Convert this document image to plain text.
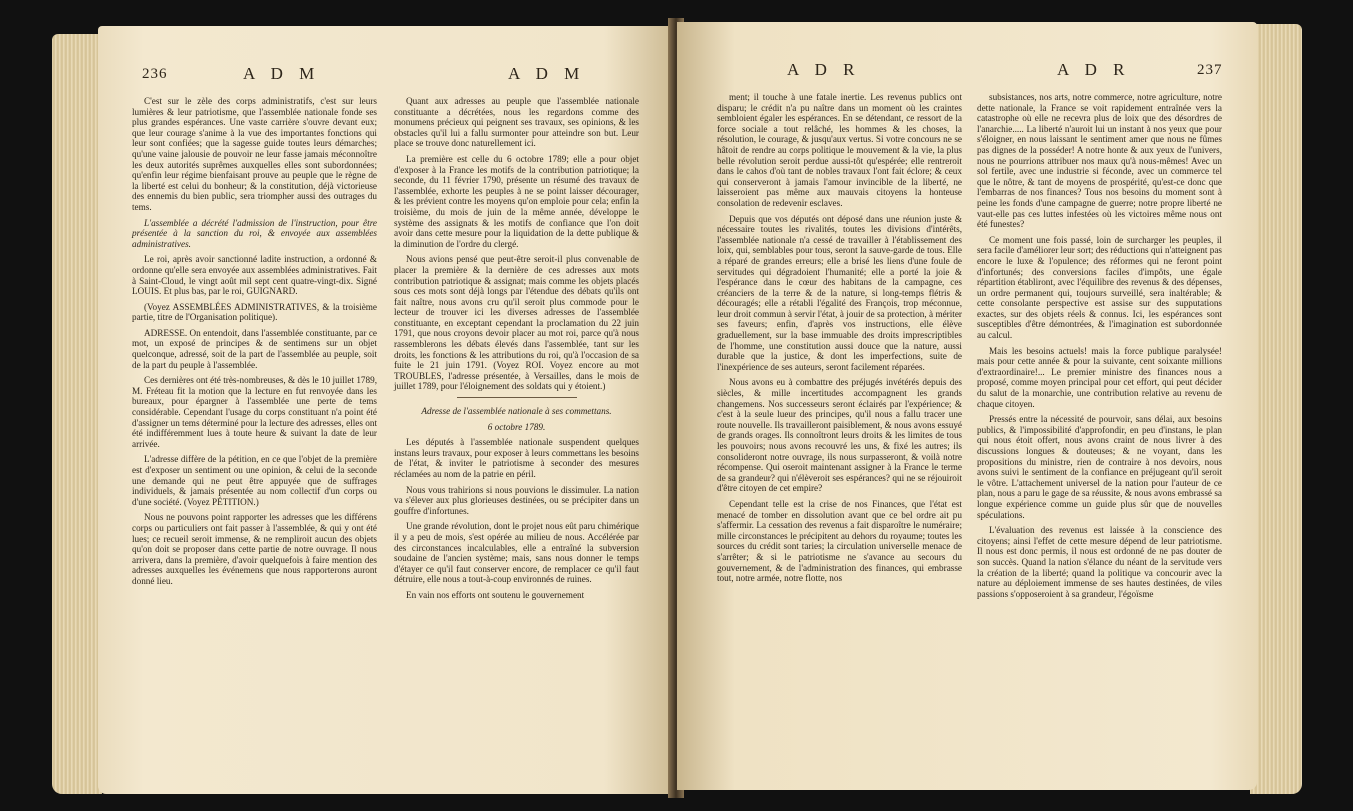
236	A D M	A D M

C'est sur le zèle des corps administratifs, c'est sur leurs lumières & leur patriotisme, que l'assemblée nationale fonde ses plus grandes espérances. Une vaste carrière s'ouvre devant eux; que leur courage s'anime à la vue des importantes fonctions qui leur sont confiées; que la sagesse guide toutes leurs démarches; qu'une vaine jalousie de pouvoir ne leur fasse jamais méconnoître les deux autorités suprêmes auxquelles elles sont subordonnées; qu'enfin leur régime bienfaisant prouve au peuple que le règne de la liberté est celui du bonheur; & la constitution, déjà victorieuse des ennemis du bien public, sera triompher aussi des outrages du tems.

L'assemblée a décrété l'admission de l'instruction, pour être présentée à la sanction du roi, & envoyée aux assemblées administratives.

Le roi, après avoir sanctionné ladite instruction, a ordonné & ordonne qu'elle sera envoyée aux assemblées administratives. Fait à Saint-Cloud, le vingt août mil sept cent quatre-vingt-dix. Signé LOUIS. Et plus bas, par le roi, GUIGNARD.

(Voyez ASSEMBLÉES ADMINISTRATIVES, & la troisième partie, titre de l'Organisation politique).

ADRESSE. On entendoit, dans l'assemblée constituante, par ce mot, un exposé de principes & de sentimens sur un objet quelconque, adressé, soit de la part de l'assemblée au peuple, soit de la part du peuple à l'assemblée.

Ces dernières ont été très-nombreuses, & dès le 10 juillet 1789, M. Fréteau fit la motion que la lecture en fut renvoyée dans les bureaux, pour épargner à l'assemblée une perte de tems considérable. Cependant l'usage du corps constituant n'a point été d'assigner un tems déterminé pour la lecture des adresses, elles ont été indifféremment lues à toute heure & suivant la date de leur arrivée.

L'adresse diffère de la pétition, en ce que l'objet de la première est d'exposer un sentiment ou une opinion, & celui de la seconde une demande qui ne peut être appuyée que de suffrages individuels, & jamais présentée au nom collectif d'un corps ou d'une société. (Voyez PÉTITION.)

Nous ne pouvons point rapporter les adresses que les différens corps ou particuliers ont fait passer à l'assemblée, & qui y ont été lues; ce recueil seroit immense, & ne rempliroit aucun des objets qu'on doit se proposer dans cette partie de notre ouvrage. Il nous arrivera, dans la première, d'avoir quelquefois à faire mention des adresses auxquelles les événemens que nous rapporterons auront donné lieu.

Quant aux adresses au peuple que l'assemblée nationale constituante a décrétées, nous les regardons comme des monumens précieux qui peignent ses travaux, ses opinions, & les obstacles qu'il lui a fallu surmonter pour atteindre son but. Leur place se trouve donc naturellement ici.

La première est celle du 6 octobre 1789; elle a pour objet d'exposer à la France les motifs de la contribution patriotique; la seconde, du 11 février 1790, présente un résumé des travaux de l'assemblée, exhorte les peuples à ne se point laisser décourager, & les prévient contre les moyens qu'on emploie pour cela; enfin la troisième, du mois de juin de la même année, développe le système des assignats & les motifs de confiance que l'on doit avoir dans cette mesure pour la liquidation de la dette publique & la diminution de l'ordre du clergé.

Nous avions pensé que peut-être seroit-il plus convenable de placer la première & la dernière de ces adresses aux mots contribution patriotique & assignat; mais comme les objets placés sous ces mots sont déjà longs par l'étendue des débats qu'ils ont fait naître, nous avons cru qu'il seroit plus commode pour le lecteur de trouver ici les diverses adresses de l'assemblée constituante, en exceptant cependant la proclamation du 22 juin 1791, que nous croyons devoir placer au mot roi, parce qu'à nous rassemblerons les débats élevés dans l'assemblée, tant sur les droits, les fonctions & les attributions du roi, qu'à l'occasion de sa fuite le 21 juin 1791. (Voyez ROI. Voyez encore au mot TROUBLES, l'adresse présentée, à Versailles, dans le mois de juillet 1789, pour l'éloignement des soldats qui y étoient.)

Adresse de l'assemblée nationale à ses commettans.

6 octobre 1789.

Les députés à l'assemblée nationale suspendent quelques instans leurs travaux, pour exposer à leurs commettans les besoins de l'état, & inviter le patriotisme à seconder des mesures réclamées au nom de la patrie en péril.

Nous vous trahirions si nous pouvions le dissimuler. La nation va s'élever aux plus glorieuses destinées, ou se précipiter dans un gouffre d'infortunes.

Une grande révolution, dont le projet nous eût paru chimérique il y a peu de mois, s'est opérée au milieu de nous. Accélérée par des circonstances incalculables, elle a entraîné la subversion soudaine de l'ancien système; mais, sans nous donner le temps d'étayer ce qu'il faut conserver encore, de remplacer ce qu'il faut détruire, elle nous a tout-à-coup environnés de ruines.

En vain nos efforts ont soutenu le gouvernement

A D R	A D R	237

ment; il touche à une fatale inertie. Les revenus publics ont disparu; le crédit n'a pu naître dans un moment où les craintes sembloient égaler les espérances. En se détendant, ce ressort de la force sociale a tout relâché, les hommes & les choses, la résolution, le courage, & jusqu'aux vertus. Si votre concours ne se hâtoit de rendre au corps politique le mouvement & la vie, la plus belle révolution seroit perdue aussi-tôt qu'espérée; elle rentreroit dans le cahos d'où tant de nobles travaux l'ont fait éclore; & ceux qui conserveront à jamais l'amour invincible de la liberté, ne laisseroient pas même aux mauvais citoyens la honteuse consolation de redevenir esclaves.

Depuis que vos députés ont déposé dans une réunion juste & nécessaire toutes les rivalités, toutes les divisions d'intérêts, l'assemblée nationale n'a cessé de travailler à l'établissement des loix, qui, semblables pour tous, seront la sauve-garde de tous. Elle a réparé de grandes erreurs; elle a brisé les liens d'une foule de servitudes qui dégradoient l'humanité; elle a porté la joie & l'espérance dans le cœur des habitans de la campagne, ces créanciers de la terre & de la nature, si long-temps flétris & découragés; elle a rétabli l'égalité des François, trop méconnue, leur droit commun à servir l'état, à jouir de sa protection, à mériter ses faveurs; enfin, d'après vos instructions, elle élève graduellement, sur la base immuable des droits imprescriptibles de l'homme, une constitution aussi douce que la nature, aussi durable que la justice, & dont les imperfections, suite de l'inexpérience de ses auteurs, seront facilement réparées.

Nous avons eu à combattre des préjugés invétérés depuis des siècles, & mille incertitudes accompagnent les grands changemens. Nos successeurs seront éclairés par l'expérience; & c'est à la seule lueur des principes, qu'il nous a fallu tracer une route nouvelle. Ils travailleront paisiblement, & nous avons essuyé de grands orages. Ils connoîtront leurs droits & les limites de tous les pouvoirs; nous avons recouvré les uns, & fixé les autres; ils consolideront notre ouvrage, ils nous surpasseront, & voilà notre récompense. Qui oseroit maintenant assigner à la France le terme de sa grandeur? qui n'élèveroit ses espérances? qui ne se réjouiroit d'être citoyen de cet empire?

Cependant telle est la crise de nos Finances, que l'état est menacé de tomber en dissolution avant que ce bel ordre ait pu s'affermir. La cessation des revenus a fait disparoître le numéraire; mille circonstances le précipitent au dehors du royaume; toutes les sources du crédit sont taries; la circulation universelle menace de s'arrêter; & si le patriotisme ne s'avance au secours du gouvernement, & de l'administration des finances, qui embrasse tout, notre armée, notre flotte, nos

subsistances, nos arts, notre commerce, notre agriculture, notre dette nationale, la France se voit rapidement entraînée vers la catastrophe où elle ne recevra plus de loix que des désordres de l'anarchie..... La liberté n'auroit lui un instant à nos yeux que pour s'éloigner, en nous laissant le sentiment amer que nous ne fûmes pas dignes de la posséder! A notre honte & aux yeux de l'univers, nous ne pourrions attribuer nos maux qu'à nous-mêmes! Avec un sol fertile, avec une industrie si féconde, avec un commerce tel que le nôtre, & tant de moyens de prospérité, qu'est-ce donc que l'embarras de nos finances? Tous nos besoins du moment sont à peine les fonds d'une campagne de guerre; notre propre liberté ne vaut-elle pas ces luttes infestées où les victoires même nous ont été funestes?

Ce moment une fois passé, loin de surcharger les peuples, il sera facile d'améliorer leur sort; des réductions qui n'atteignent pas encore le luxe & l'opulence; des réformes qui ne feront point d'infortunés; des conversions faciles d'impôts, une égale répartition établiront, avec l'équilibre des revenus & des dépenses, un ordre permanent qui, toujours surveillé, sera inaltérable; & cette consolante perspective est assise sur des supputations exactes, sur des objets réels & connus. Ici, les espérances sont susceptibles d'être démontrées, & l'imagination est subordonnée au calcul.

Mais les besoins actuels! mais la force publique paralysée! mais pour cette année & pour la suivante, cent soixante millions d'extraordinaire!... Le premier ministre des finances nous a proposé, comme moyen principal pour cet effort, qui peut décider du salut de la monarchie, une contribution relative au revenu de chaque citoyen.

Pressés entre la nécessité de pourvoir, sans délai, aux besoins publics, & l'impossibilité d'approfondir, en peu d'instans, le plan qui nous étoit offert, nous avons craint de nous livrer à des discussions longues & douteuses; & ne voyant, dans les propositions du ministre, rien de contraire à nos devoirs, nous avons suivi le sentiment de la confiance en préjugeant qu'il seroit le vôtre. L'attachement universel de la nation pour l'auteur de ce plan, nous a paru le gage de sa réussite, & nous avons embrassé sa longue expérience comme un guide plus sûr que de nouvelles spéculations.

L'évaluation des revenus est laissée à la conscience des citoyens; ainsi l'effet de cette mesure dépend de leur patriotisme. Il nous est donc permis, il nous est ordonné de ne pas douter de son succès. Quand la nation s'élance du néant de la servitude vers la création de la liberté; quand la politique va concourir avec la nature au déploiement immense de ses hautes destinées, de viles passions s'opposeroient à sa grandeur, l'égoïsme
